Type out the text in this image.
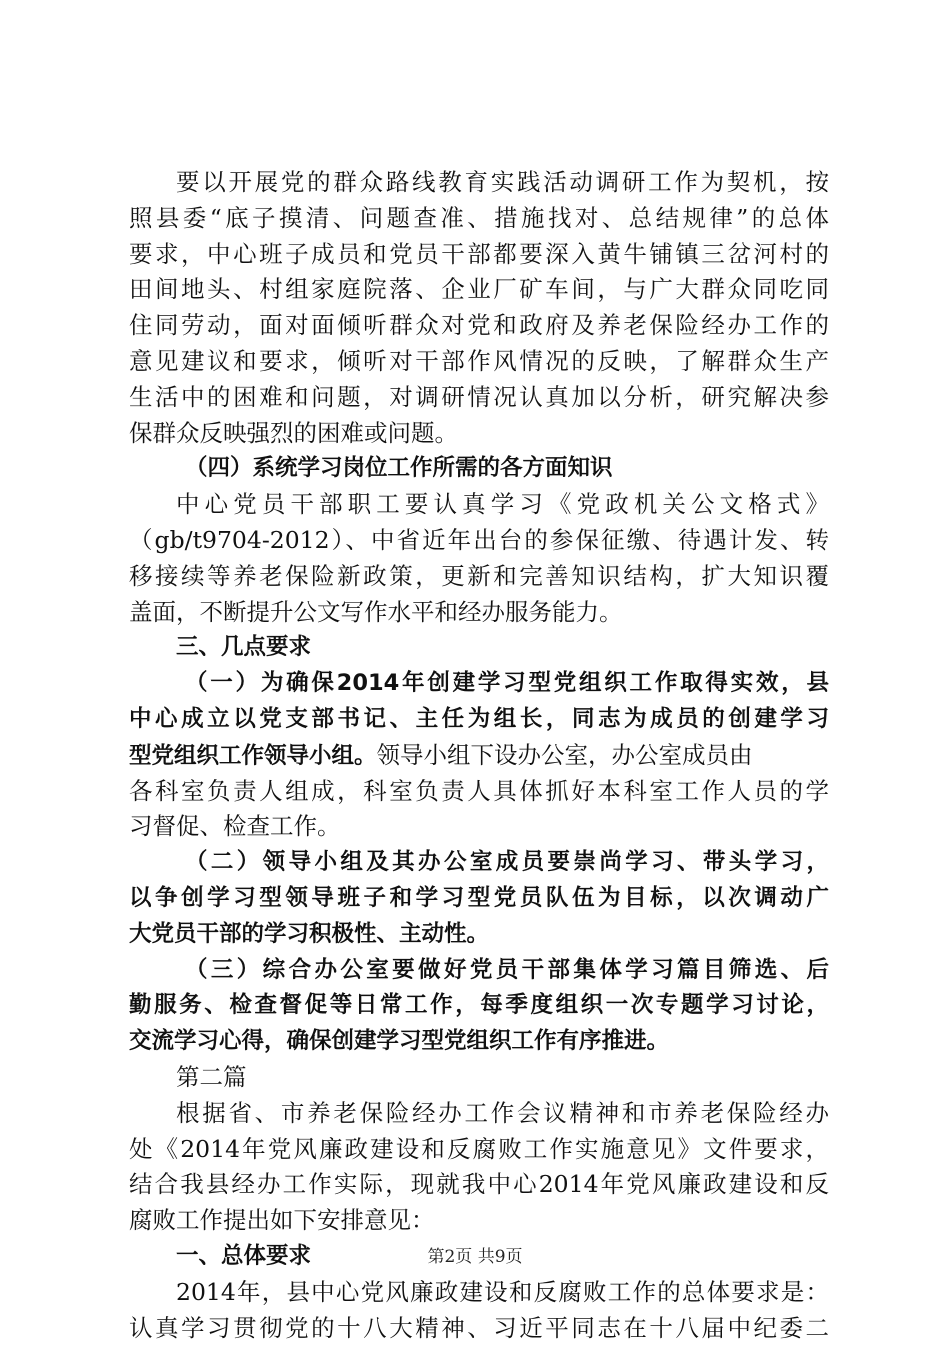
要以开展党的群众路线教育实践活动调研工作为契机，按
照县委“底子摸清、问题查准、措施找对、总结规律”的总体
要求，中心班子成员和党员干部都要深入黄牛铺镇三岔河村的
田间地头、村组家庭院落、企业厂矿车间，与广大群众同吃同
住同劳动，面对面倾听群众对党和政府及养老保险经办工作的
意见建议和要求，倾听对干部作风情况的反映，了解群众生产
生活中的困难和问题，对调研情况认真加以分析，研究解决参
保群众反映强烈的困难或问题。
（四）系统学习岗位工作所需的各方面知识
中心党员干部职工要认真学习《党政机关公文格式》
（gb/t9704-2012）、中省近年出台的参保征缴、待遇计发、转
移接续等养老保险新政策，更新和完善知识结构，扩大知识覆
盖面，不断提升公文写作水平和经办服务能力。
三、几点要求
（一）为确保2014年创建学习型党组织工作取得实效，县
中心成立以党支部书记、主任为组长，同志为成员的创建学习
型党组织工作领导小组。领导小组下设办公室，办公室成员由
各科室负责人组成，科室负责人具体抓好本科室工作人员的学
习督促、检查工作。
（二）领导小组及其办公室成员要崇尚学习、带头学习，
以争创学习型领导班子和学习型党员队伍为目标，以次调动广
大党员干部的学习积极性、主动性。
（三）综合办公室要做好党员干部集体学习篇目筛选、后
勤服务、检查督促等日常工作，每季度组织一次专题学习讨论，
交流学习心得，确保创建学习型党组织工作有序推进。
第二篇
根据省、市养老保险经办工作会议精神和市养老保险经办
处《2014年党风廉政建设和反腐败工作实施意见》文件要求，
结合我县经办工作实际，现就我中心2014年党风廉政建设和反
腐败工作提出如下安排意见：
一、总体要求
2014年，县中心党风廉政建设和反腐败工作的总体要求是：
认真学习贯彻党的十八大精神、习近平同志在十八届中纪委二
第2页 共9页
